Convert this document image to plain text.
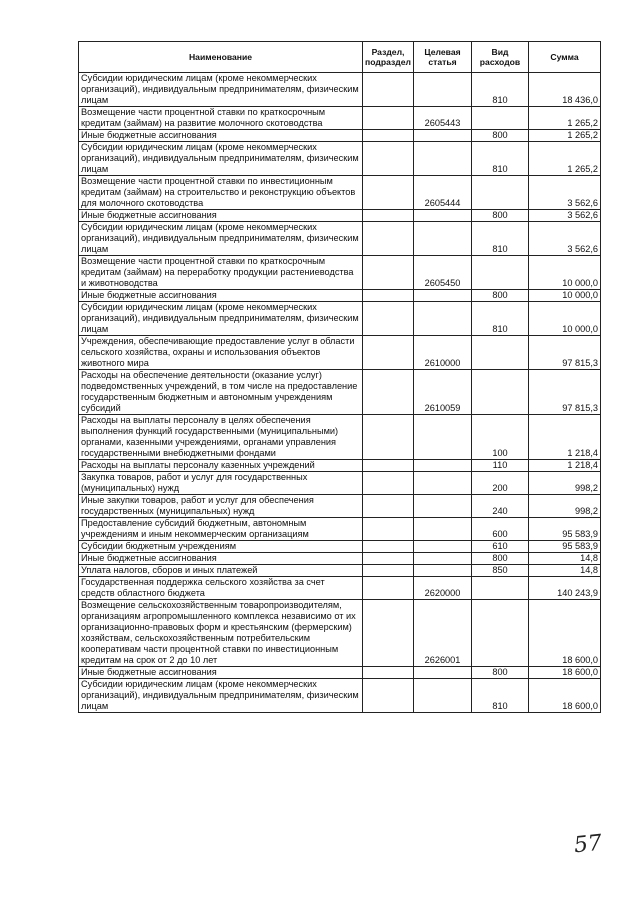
Наименование	Раздел, подраздел	Целевая статья	Вид расходов	Сумма
Субсидии юридическим лицам (кроме некоммерческих организаций), индивидуальным предпринимателям, физическим лицам			810	18 436,0
Возмещение части процентной ставки по краткосрочным кредитам (займам) на развитие молочного скотоводства		2605443		1 265,2
Иные бюджетные ассигнования			800	1 265,2
Субсидии юридическим лицам (кроме некоммерческих организаций), индивидуальным предпринимателям, физическим лицам			810	1 265,2
Возмещение части процентной ставки по инвестиционным кредитам (займам) на строительство и реконструкцию объектов для молочного скотоводства		2605444		3 562,6
Иные бюджетные ассигнования			800	3 562,6
Субсидии юридическим лицам (кроме некоммерческих организаций), индивидуальным предпринимателям, физическим лицам			810	3 562,6
Возмещение части процентной ставки по краткосрочным кредитам (займам) на переработку продукции растениеводства и животноводства		2605450		10 000,0
Иные бюджетные ассигнования			800	10 000,0
Субсидии юридическим лицам (кроме некоммерческих организаций), индивидуальным предпринимателям, физическим лицам			810	10 000,0
Учреждения, обеспечивающие предоставление услуг в области сельского хозяйства, охраны и использования объектов животного мира		2610000		97 815,3
Расходы на обеспечение деятельности (оказание услуг) подведомственных учреждений, в том числе на предоставление государственным бюджетным и автономным учреждениям субсидий		2610059		97 815,3
Расходы на выплаты персоналу в целях обеспечения выполнения функций государственными (муниципальными) органами, казенными учреждениями, органами управления государственными внебюджетными фондами			100	1 218,4
Расходы на выплаты персоналу казенных учреждений			110	1 218,4
Закупка товаров, работ и услуг для государственных (муниципальных) нужд			200	998,2
Иные закупки товаров, работ и услуг для обеспечения государственных (муниципальных) нужд			240	998,2
Предоставление субсидий бюджетным, автономным учреждениям и иным некоммерческим организациям			600	95 583,9
Субсидии бюджетным учреждениям			610	95 583,9
Иные бюджетные ассигнования			800	14,8
Уплата налогов, сборов и иных платежей			850	14,8
Государственная поддержка сельского хозяйства за счет средств областного бюджета		2620000		140 243,9
Возмещение сельскохозяйственным товаропроизводителям, организациям агропромышленного комплекса независимо от их организационно-правовых форм и крестьянским (фермерским) хозяйствам, сельскохозяйственным потребительским кооперативам части процентной ставки по инвестиционным кредитам на срок от 2 до 10 лет		2626001		18 600,0
Иные бюджетные ассигнования			800	18 600,0
Субсидии юридическим лицам (кроме некоммерческих организаций), индивидуальным предпринимателям, физическим лицам			810	18 600,0
57
